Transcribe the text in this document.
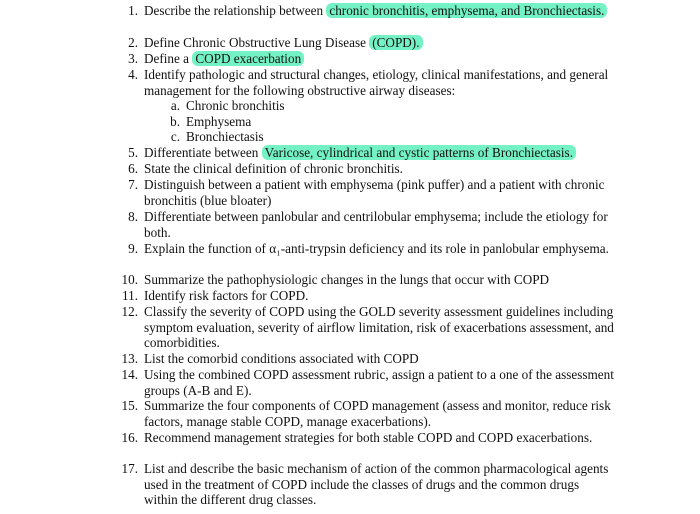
1. Describe the relationship between chronic bronchitis, emphysema, and Bronchiectasis.
2. Define Chronic Obstructive Lung Disease (COPD).
3. Define a COPD exacerbation
4. Identify pathologic and structural changes, etiology, clinical manifestations, and general management for the following obstructive airway diseases:
a. Chronic bronchitis
b. Emphysema
c. Bronchiectasis
5. Differentiate between Varicose, cylindrical and cystic patterns of Bronchiectasis.
6. State the clinical definition of chronic bronchitis.
7. Distinguish between a patient with emphysema (pink puffer) and a patient with chronic bronchitis (blue bloater)
8. Differentiate between panlobular and centrilobular emphysema; include the etiology for both.
9. Explain the function of α₁-anti-trypsin deficiency and its role in panlobular emphysema.
10. Summarize the pathophysiologic changes in the lungs that occur with COPD
11. Identify risk factors for COPD.
12. Classify the severity of COPD using the GOLD severity assessment guidelines including symptom evaluation, severity of airflow limitation, risk of exacerbations assessment, and comorbidities.
13. List the comorbid conditions associated with COPD
14. Using the combined COPD assessment rubric, assign a patient to a one of the assessment groups (A-B and E).
15. Summarize the four components of COPD management (assess and monitor, reduce risk factors, manage stable COPD, manage exacerbations).
16. Recommend management strategies for both stable COPD and COPD exacerbations.
17. List and describe the basic mechanism of action of the common pharmacological agents used in the treatment of COPD include the classes of drugs and the common drugs within the different drug classes.
